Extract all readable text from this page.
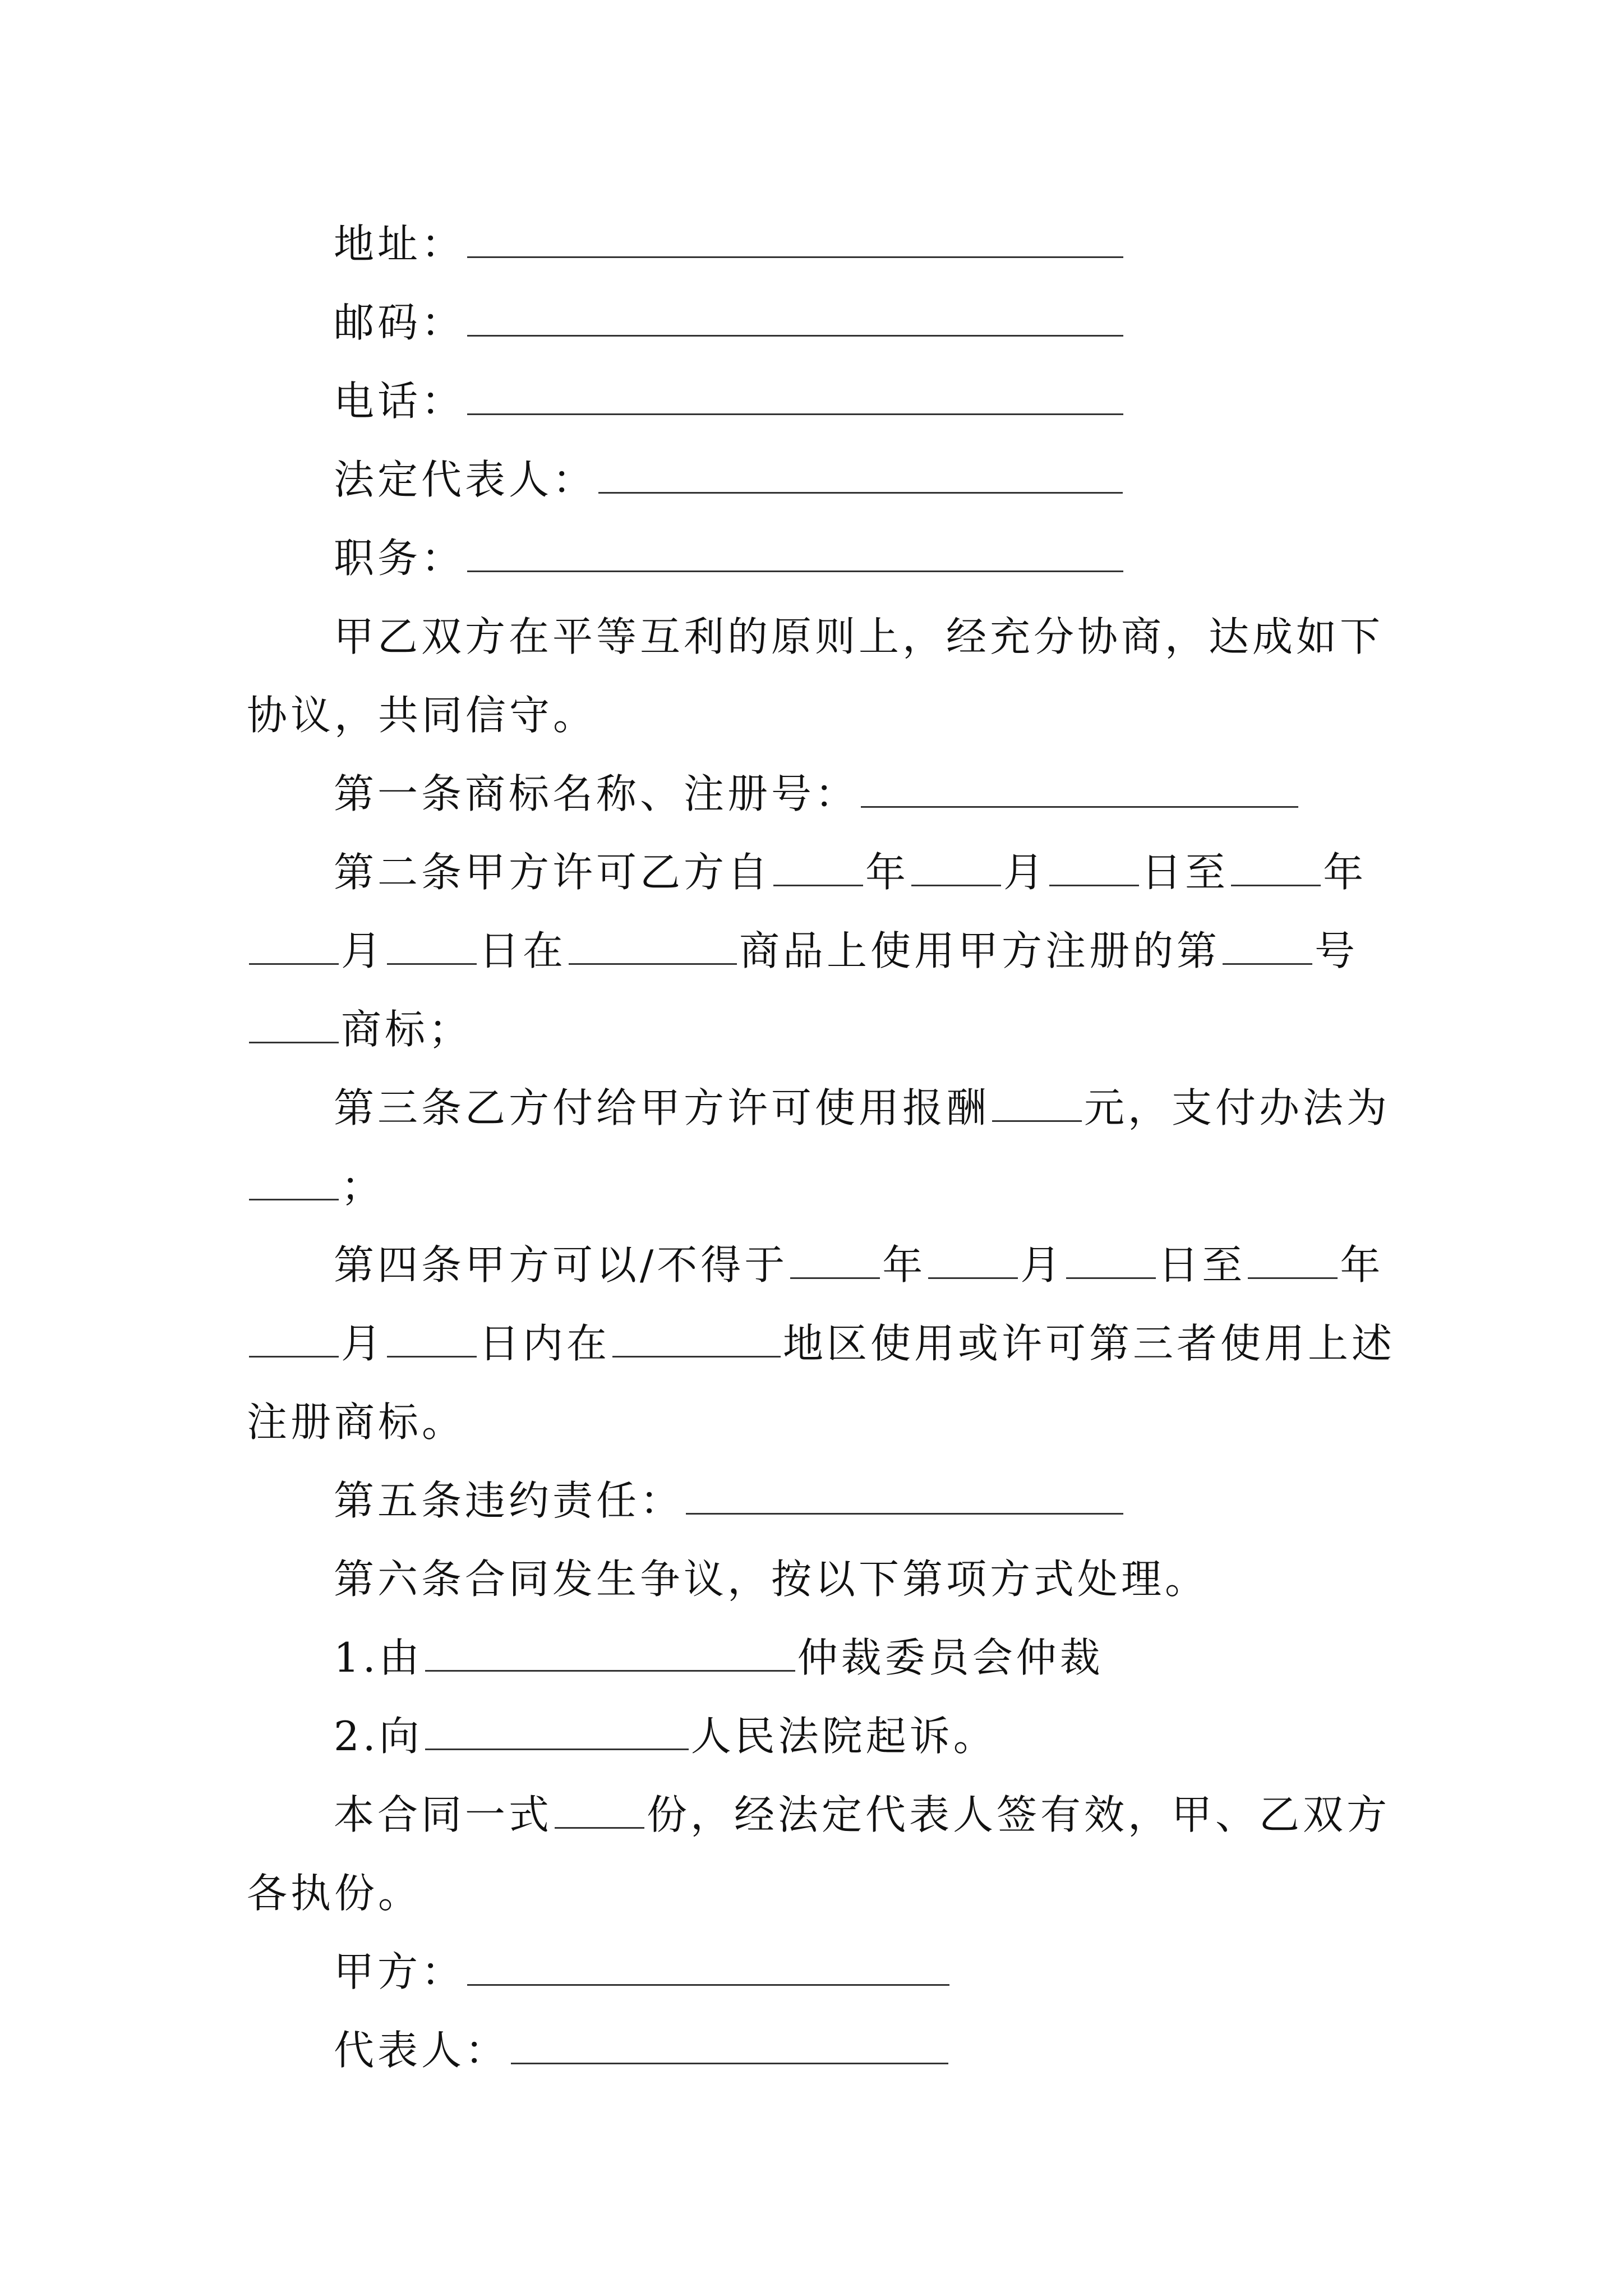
地址：
邮码：
电话：
法定代表人：
职务：
甲乙双方在平等互利的原则上，经充分协商，达成如下
协议，共同信守。
第一条商标名称、注册号：
第二条甲方许可乙方自 年 月 日至 年
月 日在	商品上使用甲方注册的第 号
商标；
第三条乙方付给甲方许可使用报酬 元，支付办法为
；
第四条甲方可以/不得于 年 月 日至 年
月 日内在	地区使用或许可第三者使用上述
注册商标。
第五条违约责任：
第六条合同发生争议，按以下第项方式处理。
1.由	仲裁委员会仲裁
2.向	人民法院起诉。
本合同一式 份，经法定代表人签有效，甲、乙双方
各执份。
甲方：
代表人：
